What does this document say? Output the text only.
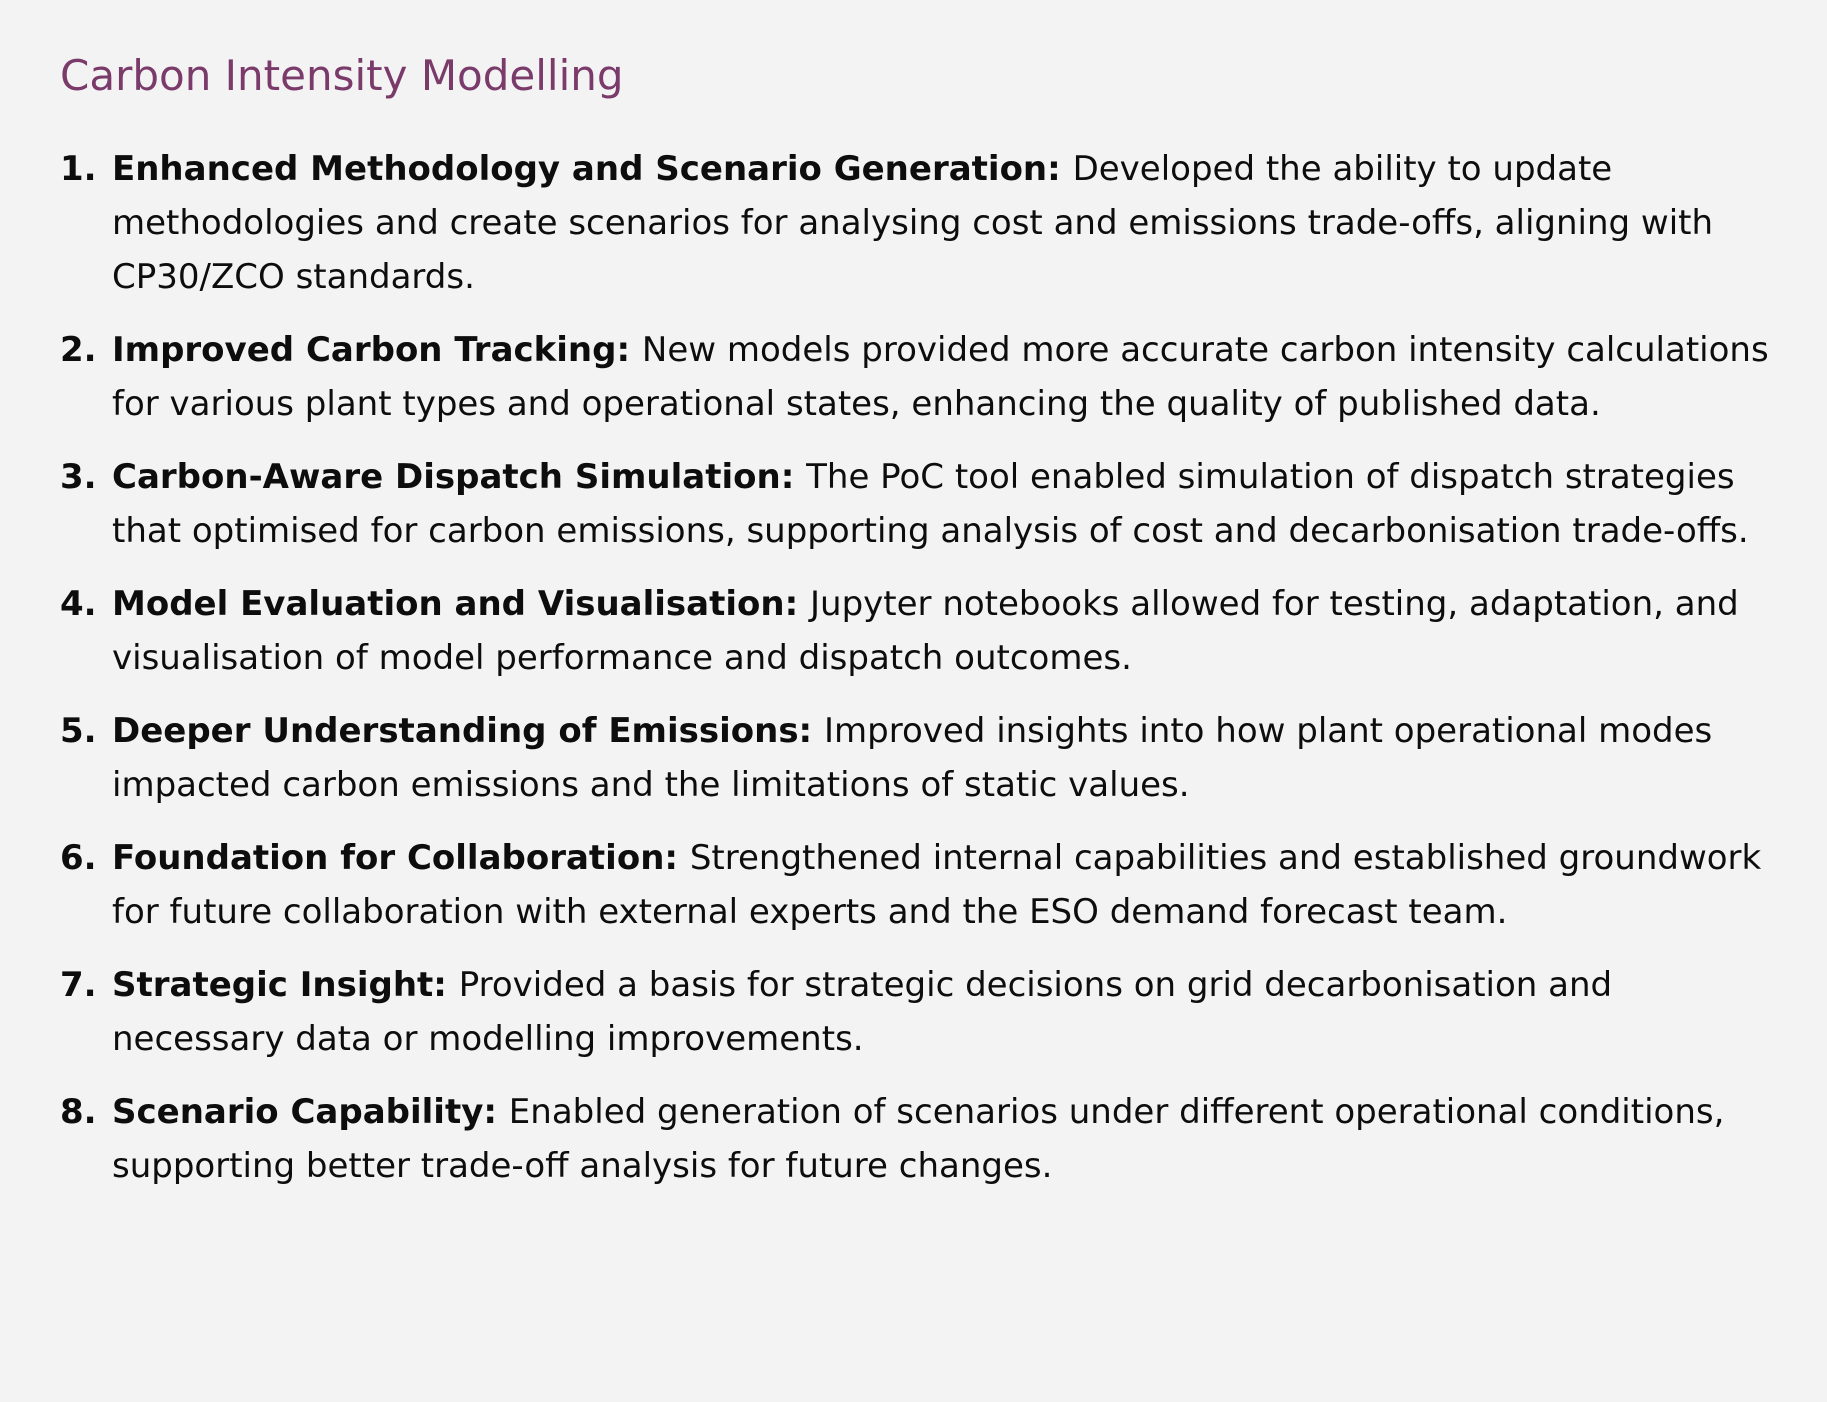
Carbon Intensity Modelling
1. Enhanced Methodology and Scenario Generation: Developed the ability to update methodologies and create scenarios for analysing cost and emissions trade-offs, aligning with CP30/ZCO standards.
2. Improved Carbon Tracking: New models provided more accurate carbon intensity calculations for various plant types and operational states, enhancing the quality of published data.
3. Carbon-Aware Dispatch Simulation: The PoC tool enabled simulation of dispatch strategies that optimised for carbon emissions, supporting analysis of cost and decarbonisation trade-offs.
4. Model Evaluation and Visualisation: Jupyter notebooks allowed for testing, adaptation, and visualisation of model performance and dispatch outcomes.
5. Deeper Understanding of Emissions: Improved insights into how plant operational modes impacted carbon emissions and the limitations of static values.
6. Foundation for Collaboration: Strengthened internal capabilities and established groundwork for future collaboration with external experts and the ESO demand forecast team.
7. Strategic Insight: Provided a basis for strategic decisions on grid decarbonisation and necessary data or modelling improvements.
8. Scenario Capability: Enabled generation of scenarios under different operational conditions, supporting better trade-off analysis for future changes.
